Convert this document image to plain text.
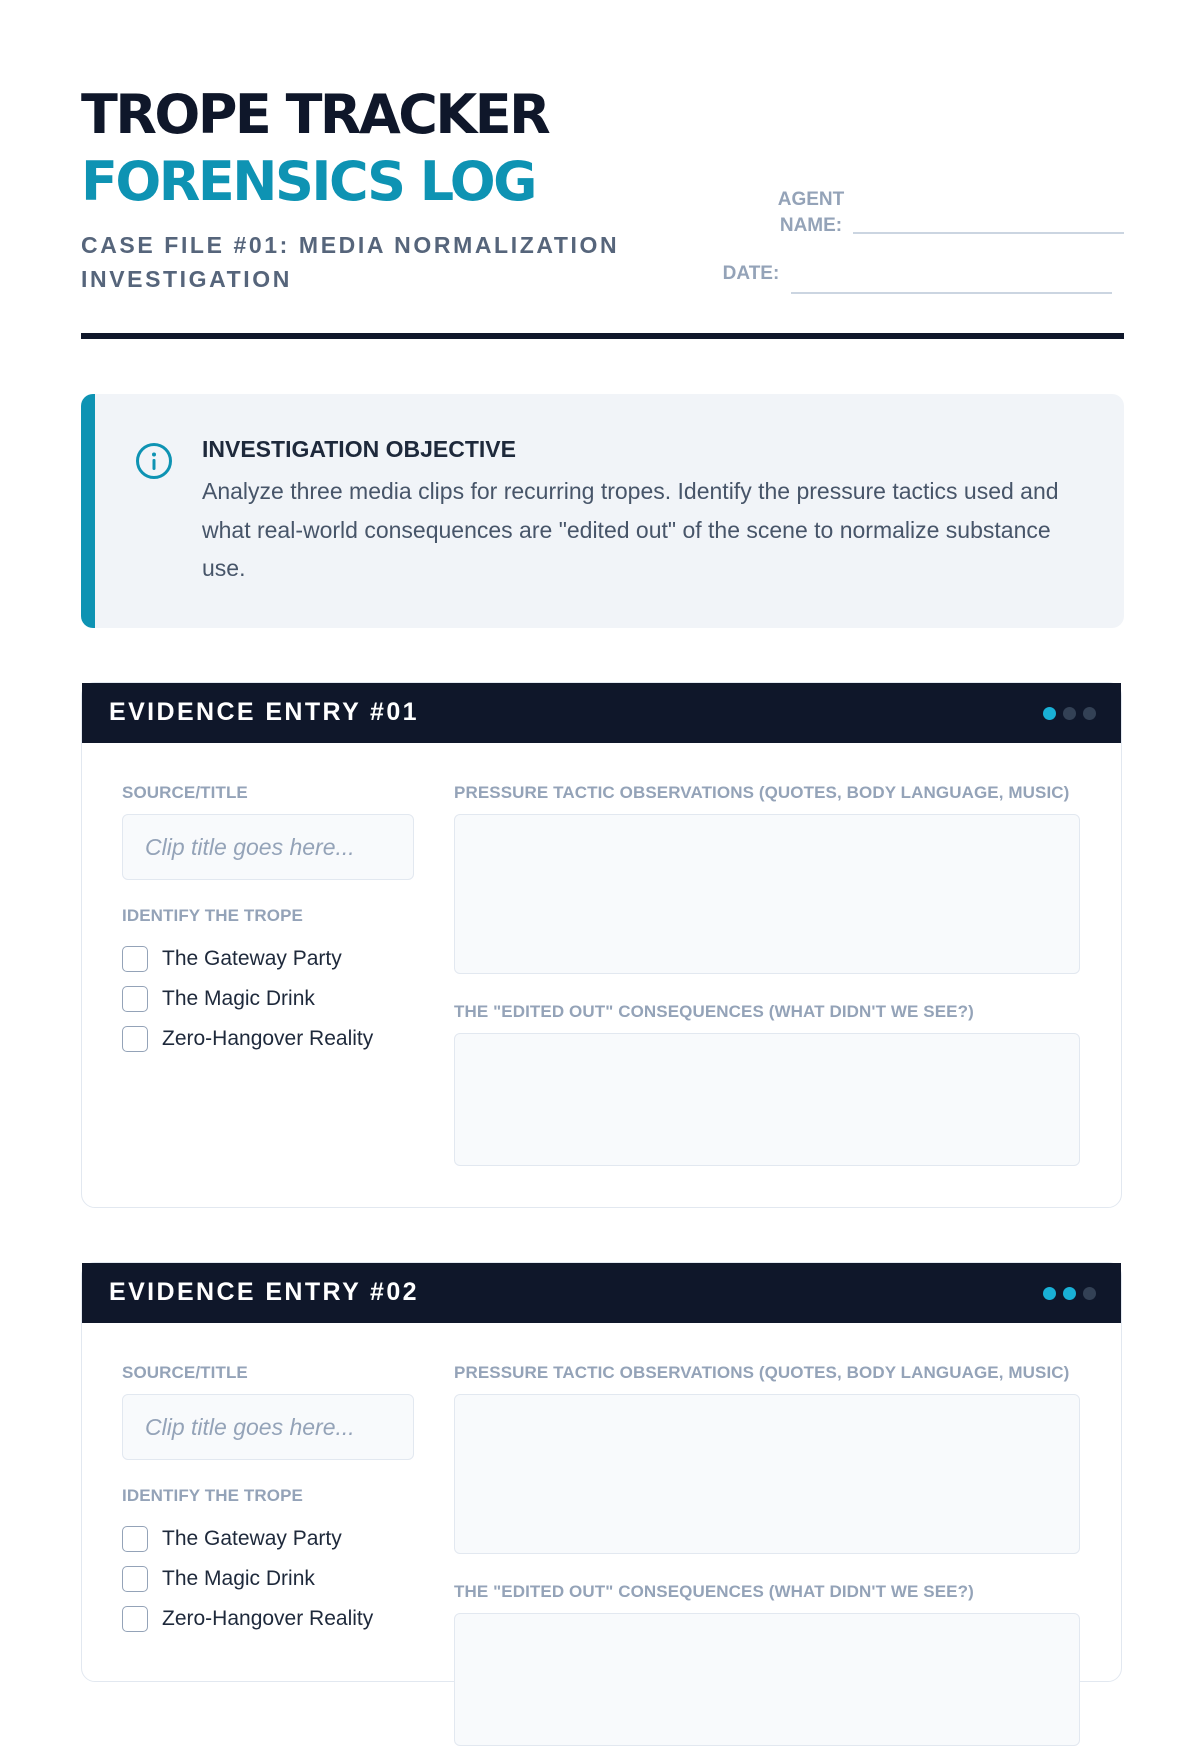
TROPE TRACKER
FORENSICS LOG
CASE FILE #01: MEDIA NORMALIZATION INVESTIGATION
AGENT NAME:
DATE:
INVESTIGATION OBJECTIVE
Analyze three media clips for recurring tropes. Identify the pressure tactics used and what real-world consequences are "edited out" of the scene to normalize substance use.
EVIDENCE ENTRY #01
SOURCE/TITLE
Clip title goes here...
IDENTIFY THE TROPE
The Gateway Party
The Magic Drink
Zero-Hangover Reality
PRESSURE TACTIC OBSERVATIONS (QUOTES, BODY LANGUAGE, MUSIC)
THE "EDITED OUT" CONSEQUENCES (WHAT DIDN'T WE SEE?)
EVIDENCE ENTRY #02
SOURCE/TITLE
Clip title goes here...
IDENTIFY THE TROPE
The Gateway Party
The Magic Drink
Zero-Hangover Reality
PRESSURE TACTIC OBSERVATIONS (QUOTES, BODY LANGUAGE, MUSIC)
THE "EDITED OUT" CONSEQUENCES (WHAT DIDN'T WE SEE?)
